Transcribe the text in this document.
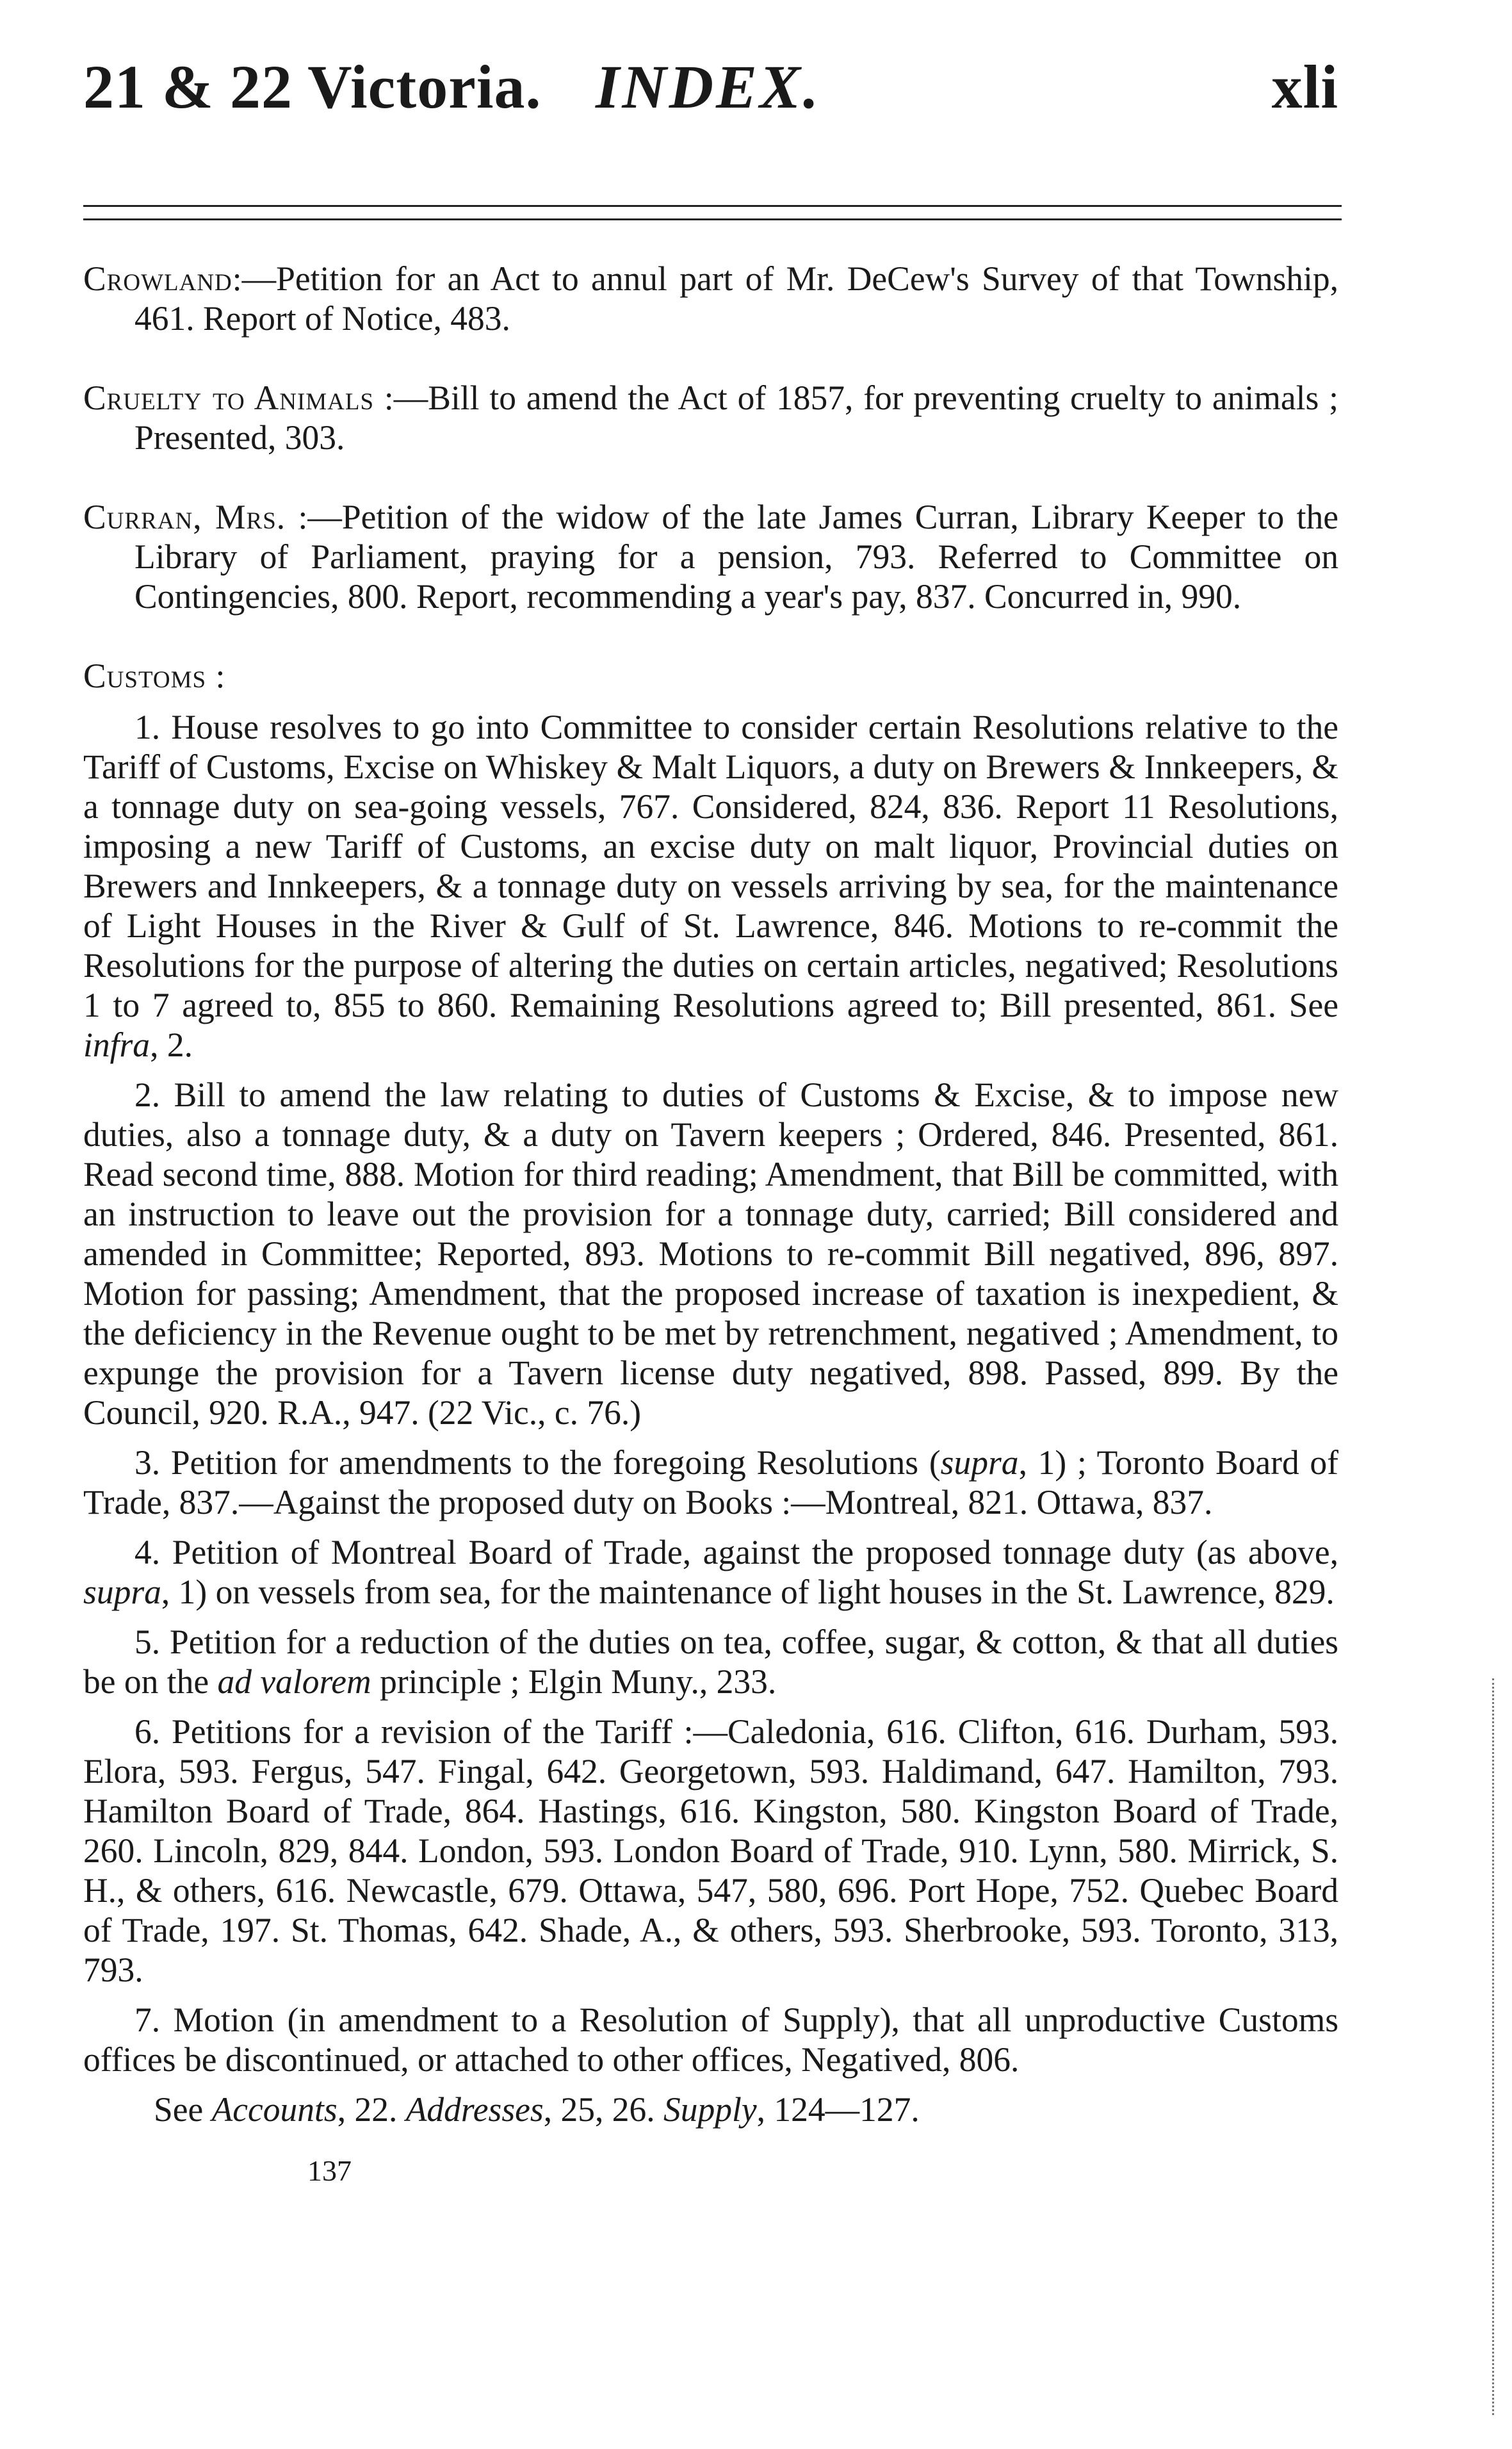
21 & 22 Victoria. INDEX.	xli
Crowland:—Petition for an Act to annul part of Mr. DeCew's Survey of that Township, 461. Report of Notice, 483.
Cruelty to Animals :—Bill to amend the Act of 1857, for preventing cruelty to animals ; Presented, 303.
Curran, Mrs. :—Petition of the widow of the late James Curran, Library Keeper to the Library of Parliament, praying for a pension, 793. Referred to Committee on Contingencies, 800. Report, recommending a year's pay, 837. Concurred in, 990.
Customs :
1. House resolves to go into Committee to consider certain Resolutions relative to the Tariff of Customs, Excise on Whiskey & Malt Liquors, a duty on Brewers & Innkeepers, & a tonnage duty on sea-going vessels, 767. Considered, 824, 836. Report 11 Resolutions, imposing a new Tariff of Customs, an excise duty on malt liquor, Provincial duties on Brewers and Innkeepers, & a tonnage duty on vessels arriving by sea, for the maintenance of Light Houses in the River & Gulf of St. Lawrence, 846. Motions to re-commit the Resolutions for the purpose of altering the duties on certain articles, negatived; Resolutions 1 to 7 agreed to, 855 to 860. Remaining Resolutions agreed to; Bill presented, 861. See infra, 2.
2. Bill to amend the law relating to duties of Customs & Excise, & to impose new duties, also a tonnage duty, & a duty on Tavern keepers ; Ordered, 846. Presented, 861. Read second time, 888. Motion for third reading; Amendment, that Bill be committed, with an instruction to leave out the provision for a tonnage duty, carried; Bill considered and amended in Committee; Reported, 893. Motions to re-commit Bill negatived, 896, 897. Motion for passing; Amendment, that the proposed increase of taxation is inexpedient, & the deficiency in the Revenue ought to be met by retrenchment, negatived ; Amendment, to expunge the provision for a Tavern license duty negatived, 898. Passed, 899. By the Council, 920. R.A., 947. (22 Vic., c. 76.)
3. Petition for amendments to the foregoing Resolutions (supra, 1) ; Toronto Board of Trade, 837.—Against the proposed duty on Books :—Montreal, 821. Ottawa, 837.
4. Petition of Montreal Board of Trade, against the proposed tonnage duty (as above, supra, 1) on vessels from sea, for the maintenance of light houses in the St. Lawrence, 829.
5. Petition for a reduction of the duties on tea, coffee, sugar, & cotton, & that all duties be on the ad valorem principle ; Elgin Muny., 233.
6. Petitions for a revision of the Tariff :—Caledonia, 616. Clifton, 616. Durham, 593. Elora, 593. Fergus, 547. Fingal, 642. Georgetown, 593. Haldimand, 647. Hamilton, 793. Hamilton Board of Trade, 864. Hastings, 616. Kingston, 580. Kingston Board of Trade, 260. Lincoln, 829, 844. London, 593. London Board of Trade, 910. Lynn, 580. Mirrick, S. H., & others, 616. Newcastle, 679. Ottawa, 547, 580, 696. Port Hope, 752. Quebec Board of Trade, 197. St. Thomas, 642. Shade, A., & others, 593. Sherbrooke, 593. Toronto, 313, 793.
7. Motion (in amendment to a Resolution of Supply), that all unproductive Customs offices be discontinued, or attached to other offices, Negatived, 806.
See Accounts, 22. Addresses, 25, 26. Supply, 124—127.
137
